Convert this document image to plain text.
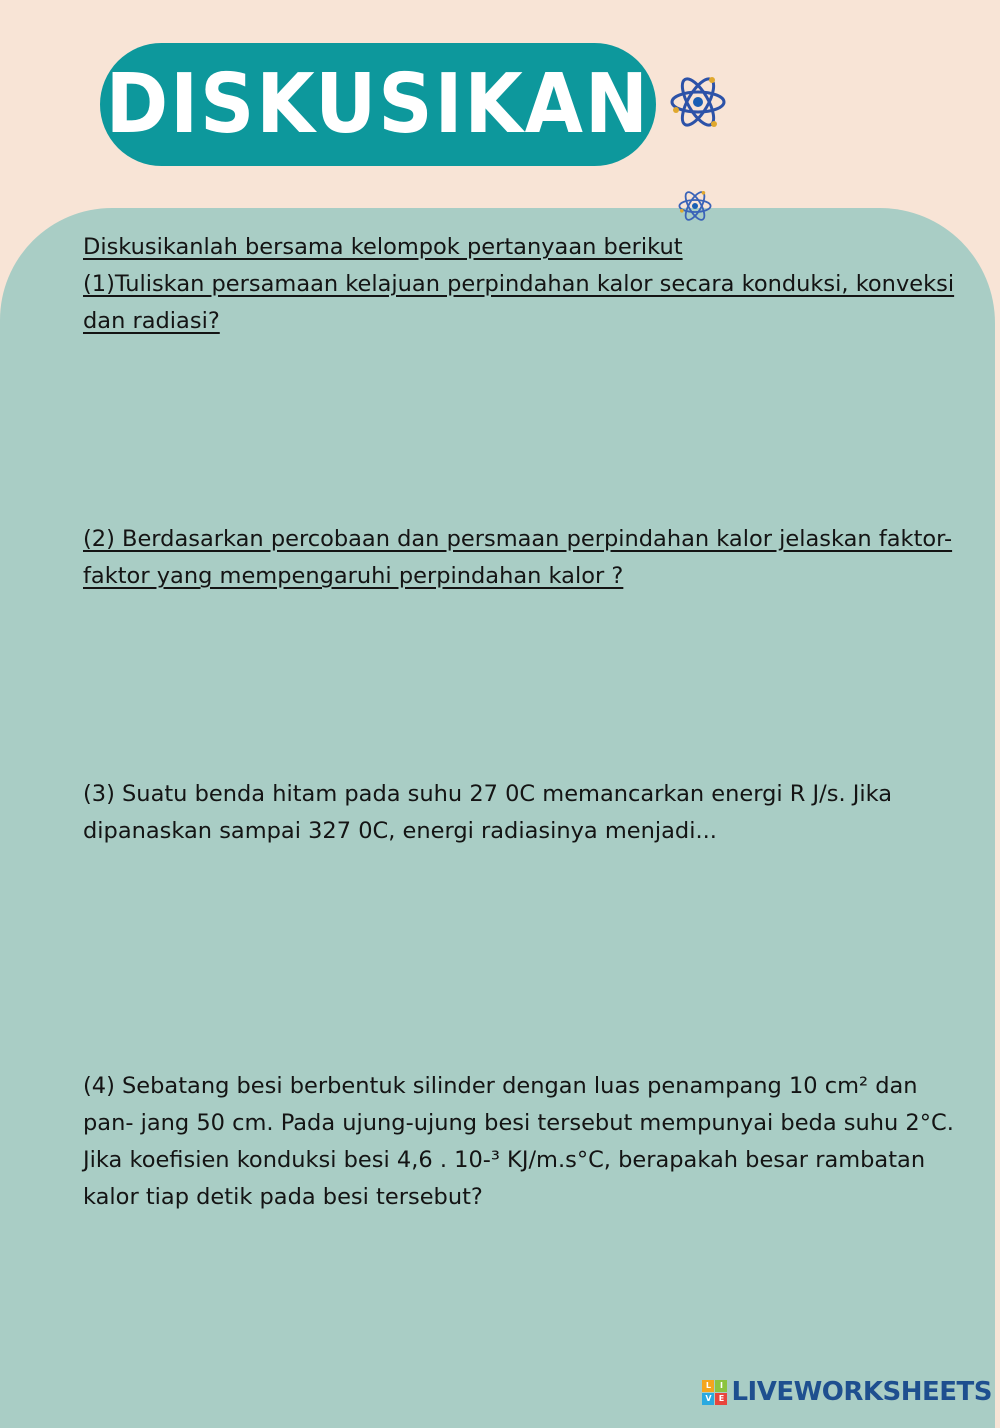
DISKUSIKAN
Diskusikanlah bersama kelompok pertanyaan berikut
(1)Tuliskan persamaan kelajuan perpindahan kalor secara konduksi, konveksi dan radiasi?
(2) Berdasarkan percobaan dan persmaan perpindahan kalor jelaskan faktor-faktor yang mempengaruhi perpindahan kalor ?
(3) Suatu benda hitam pada suhu 27 0C memancarkan energi R J/s. Jika dipanaskan sampai 327 0C, energi radiasinya menjadi...
(4) Sebatang besi berbentuk silinder dengan luas penampang 10 cm² dan pan- jang 50 cm. Pada ujung-ujung besi tersebut mempunyai beda suhu 2°C. Jika koefisien konduksi besi 4,6 . 10-³ KJ/m.s°C, berapakah besar rambatan kalor tiap detik pada besi tersebut?
L	I
V E LIVEWORKSHEETS
